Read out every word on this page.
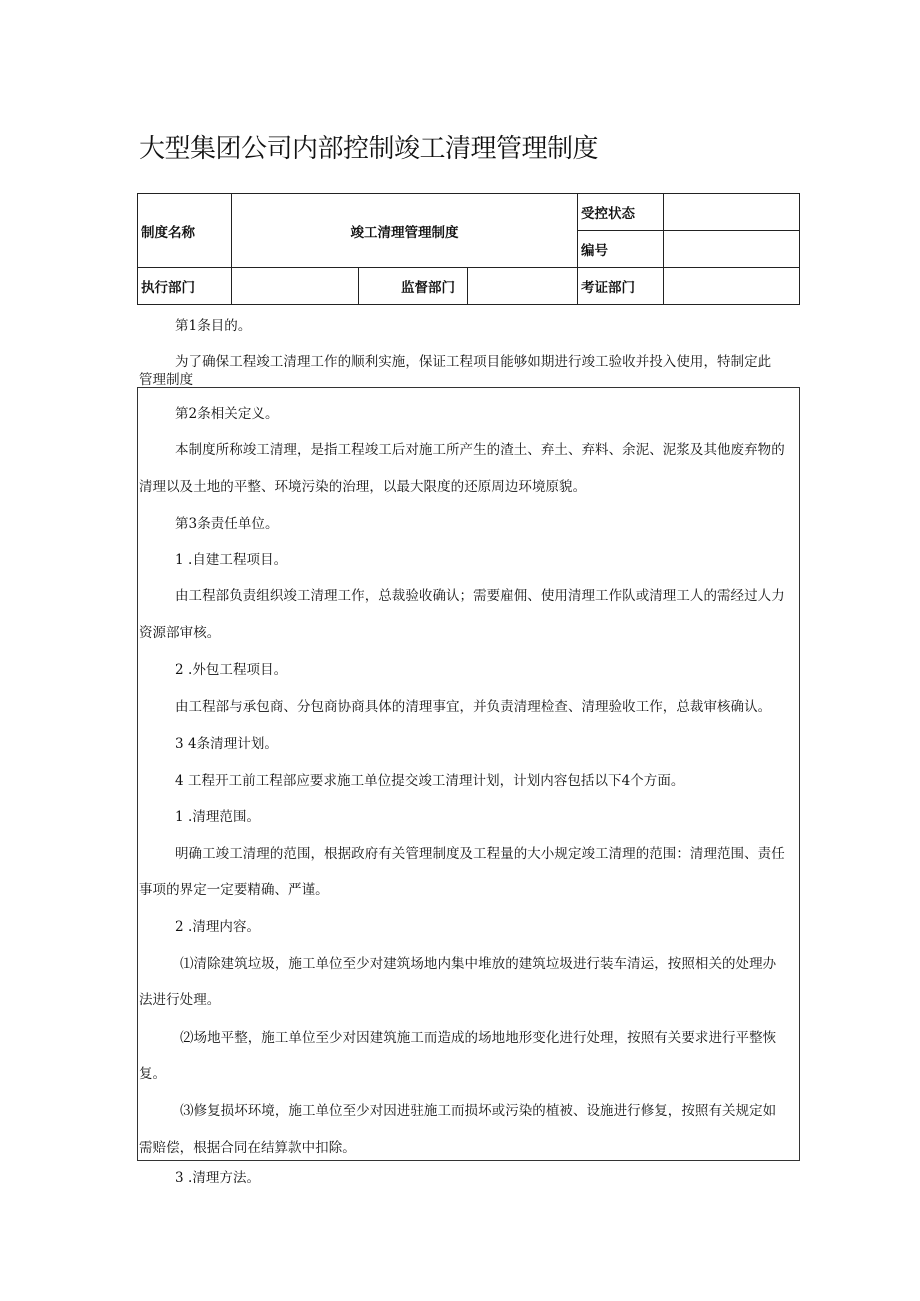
大型集团公司内部控制竣工清理管理制度
制度名称	竣工清理管理制度			受控状态	
				编号	
执行部门		监督部门		考证部门	

第1条目的。

为了确保工程竣工清理工作的顺利实施，保证工程项目能够如期进行竣工验收并投入使用，特制定此

管理制度

第2条相关定义。

本制度所称竣工清理，是指工程竣工后对施工所产生的渣土、弃土、弃料、余泥、泥浆及其他废弃物的

清理以及土地的平整、环境污染的治理，以最大限度的还原周边环境原貌。

第3条责任单位。

1 .自建工程项目。

由工程部负责组织竣工清理工作，总裁验收确认；需要雇佣、使用清理工作队或清理工人的需经过人力

资源部审核。

2 .外包工程项目。

由工程部与承包商、分包商协商具体的清理事宜，并负责清理检查、清理验收工作，总裁审核确认。

3 4条清理计划。

4 工程开工前工程部应要求施工单位提交竣工清理计划，计划内容包括以下4个方面。

1 .清理范围。

明确工竣工清理的范围，根据政府有关管理制度及工程量的大小规定竣工清理的范围：清理范围、责任

事项的界定一定要精确、严谨。

2 .清理内容。

⑴清除建筑垃圾，施工单位至少对建筑场地内集中堆放的建筑垃圾进行装车清运，按照相关的处理办

法进行处理。

⑵场地平整，施工单位至少对因建筑施工而造成的场地地形变化进行处理，按照有关要求进行平整恢

复。

⑶修复损坏环境，施工单位至少对因进驻施工而损坏或污染的植被、设施进行修复，按照有关规定如

需赔偿，根据合同在结算款中扣除。

3 .清理方法。
